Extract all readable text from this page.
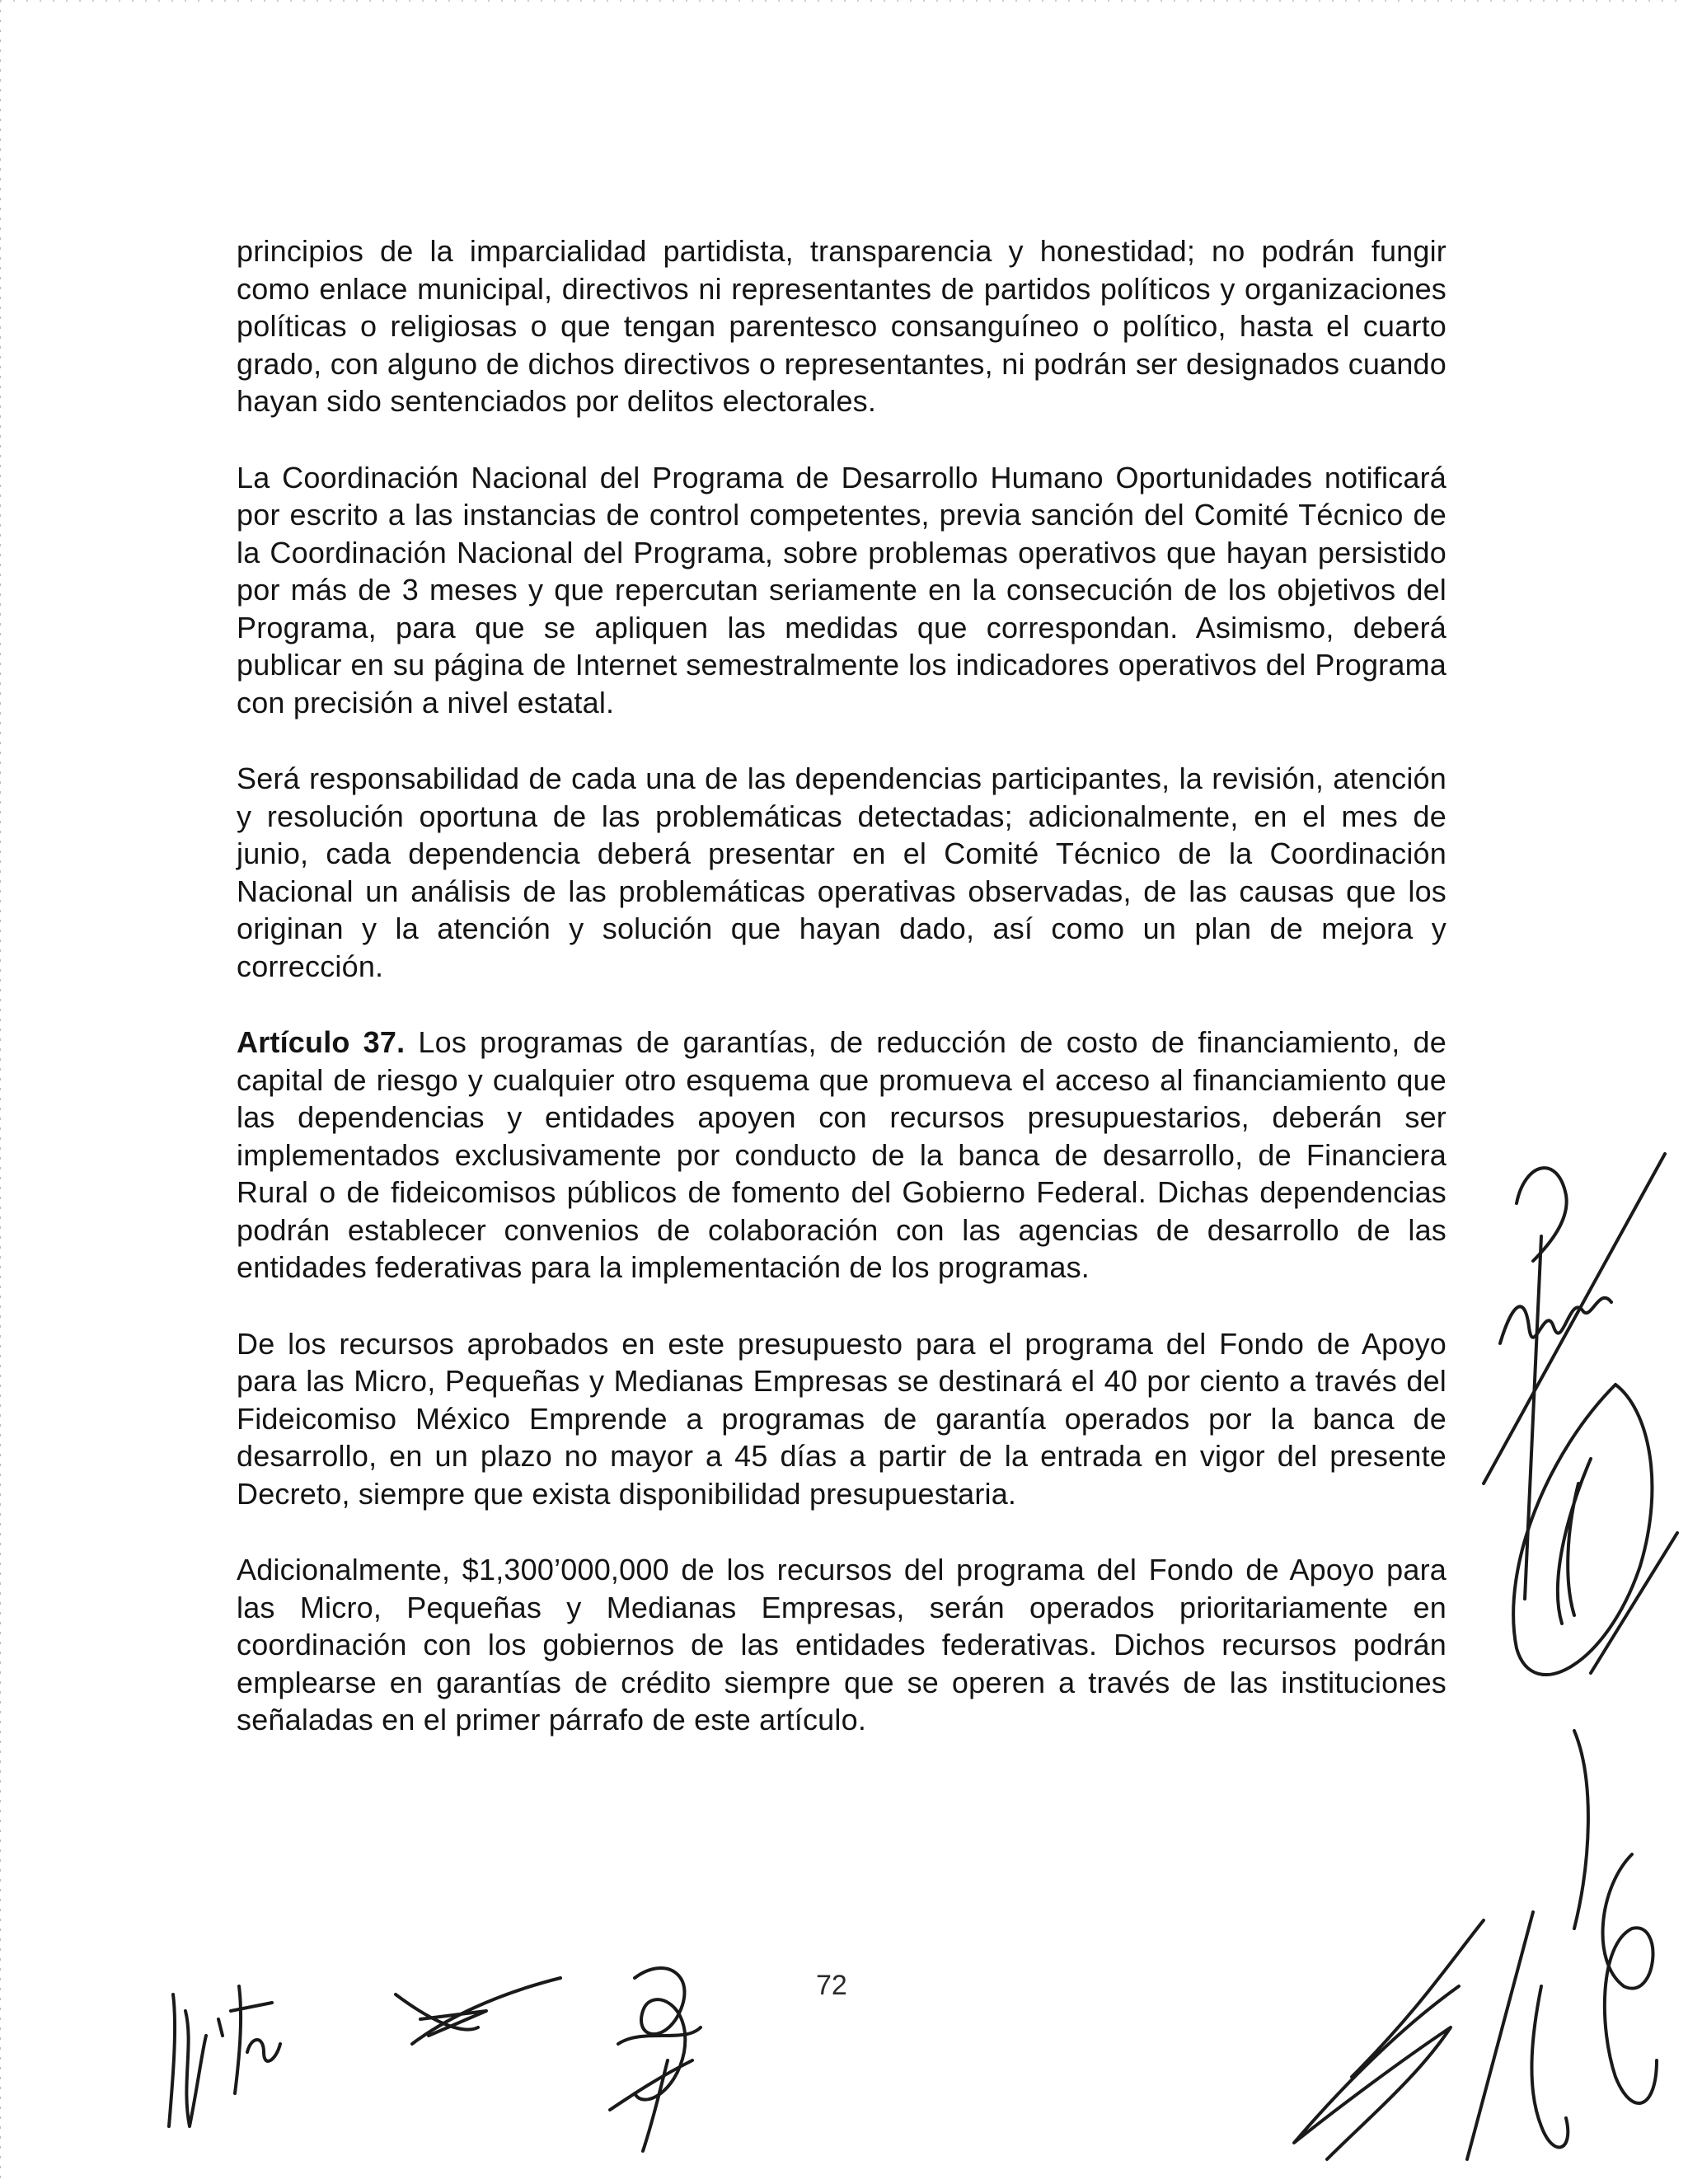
principios de la imparcialidad partidista, transparencia y honestidad; no podrán fungir como enlace municipal, directivos ni representantes de partidos políticos y organizaciones políticas o religiosas o que tengan parentesco consanguíneo o político, hasta el cuarto grado, con alguno de dichos directivos o representantes, ni podrán ser designados cuando hayan sido sentenciados por delitos electorales.

La Coordinación Nacional del Programa de Desarrollo Humano Oportunidades notificará por escrito a las instancias de control competentes, previa sanción del Comité Técnico de la Coordinación Nacional del Programa, sobre problemas operativos que hayan persistido por más de 3 meses y que repercutan seriamente en la consecución de los objetivos del Programa, para que se apliquen las medidas que correspondan. Asimismo, deberá publicar en su página de Internet semestralmente los indicadores operativos del Programa con precisión a nivel estatal.

Será responsabilidad de cada una de las dependencias participantes, la revisión, atención y resolución oportuna de las problemáticas detectadas; adicionalmente, en el mes de junio, cada dependencia deberá presentar en el Comité Técnico de la Coordinación Nacional un análisis de las problemáticas operativas observadas, de las causas que los originan y la atención y solución que hayan dado, así como un plan de mejora y corrección.

Artículo 37. Los programas de garantías, de reducción de costo de financiamiento, de capital de riesgo y cualquier otro esquema que promueva el acceso al financiamiento que las dependencias y entidades apoyen con recursos presupuestarios, deberán ser implementados exclusivamente por conducto de la banca de desarrollo, de Financiera Rural o de fideicomisos públicos de fomento del Gobierno Federal. Dichas dependencias podrán establecer convenios de colaboración con las agencias de desarrollo de las entidades federativas para la implementación de los programas.

De los recursos aprobados en este presupuesto para el programa del Fondo de Apoyo para las Micro, Pequeñas y Medianas Empresas se destinará el 40 por ciento a través del Fideicomiso México Emprende a programas de garantía operados por la banca de desarrollo, en un plazo no mayor a 45 días a partir de la entrada en vigor del presente Decreto, siempre que exista disponibilidad presupuestaria.

Adicionalmente, $1,300’000,000 de los recursos del programa del Fondo de Apoyo para las Micro, Pequeñas y Medianas Empresas, serán operados prioritariamente en coordinación con los gobiernos de las entidades federativas. Dichos recursos podrán emplearse en garantías de crédito siempre que se operen a través de las instituciones señaladas en el primer párrafo de este artículo.

72
